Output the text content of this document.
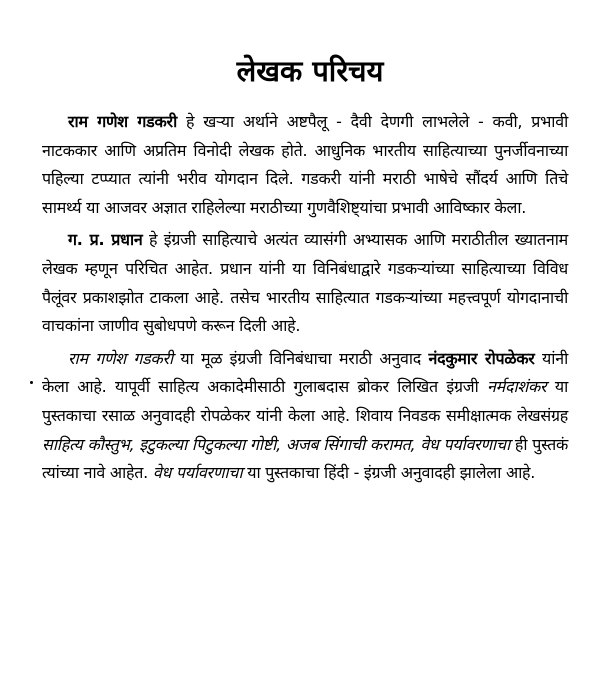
लेखक परिचय

राम गणेश गडकरी हे खऱ्या अर्थाने अष्टपैलू - दैवी देणगी लाभलेले - कवी, प्रभावी नाटककार आणि अप्रतिम विनोदी लेखक होते. आधुनिक भारतीय साहित्याच्या पुनर्जीवनाच्या पहिल्या टप्प्यात त्यांनी भरीव योगदान दिले. गडकरी यांनी मराठी भाषेचे सौंदर्य आणि तिचे सामर्थ्य या आजवर अज्ञात राहिलेल्या मराठीच्या गुणवैशिष्ट्यांचा प्रभावी आविष्कार केला.

ग. प्र. प्रधान हे इंग्रजी साहित्याचे अत्यंत व्यासंगी अभ्यासक आणि मराठीतील ख्यातनाम लेखक म्हणून परिचित आहेत. प्रधान यांनी या विनिबंधाद्वारे गडकऱ्यांच्या साहित्याच्या विविध पैलूंवर प्रकाशझोत टाकला आहे. तसेच भारतीय साहित्यात गडकऱ्यांच्या महत्त्वपूर्ण योगदानाची वाचकांना जाणीव सुबोधपणे करून दिली आहे.

राम गणेश गडकरी या मूळ इंग्रजी विनिबंधाचा मराठी अनुवाद नंदकुमार रोपळेकर यांनी केला आहे. यापूर्वी साहित्य अकादेमीसाठी गुलाबदास ब्रोकर लिखित इंग्रजी नर्मदाशंकर या पुस्तकाचा रसाळ अनुवादही रोपळेकर यांनी केला आहे. शिवाय निवडक समीक्षात्मक लेखसंग्रह साहित्य कौस्तुभ, इटुकल्या पिटुकल्या गोष्टी, अजब सिंगाची करामत, वेध पर्यावरणाचा ही पुस्तकं त्यांच्या नावे आहेत. वेध पर्यावरणाचा या पुस्तकाचा हिंदी - इंग्रजी अनुवादही झालेला आहे.
